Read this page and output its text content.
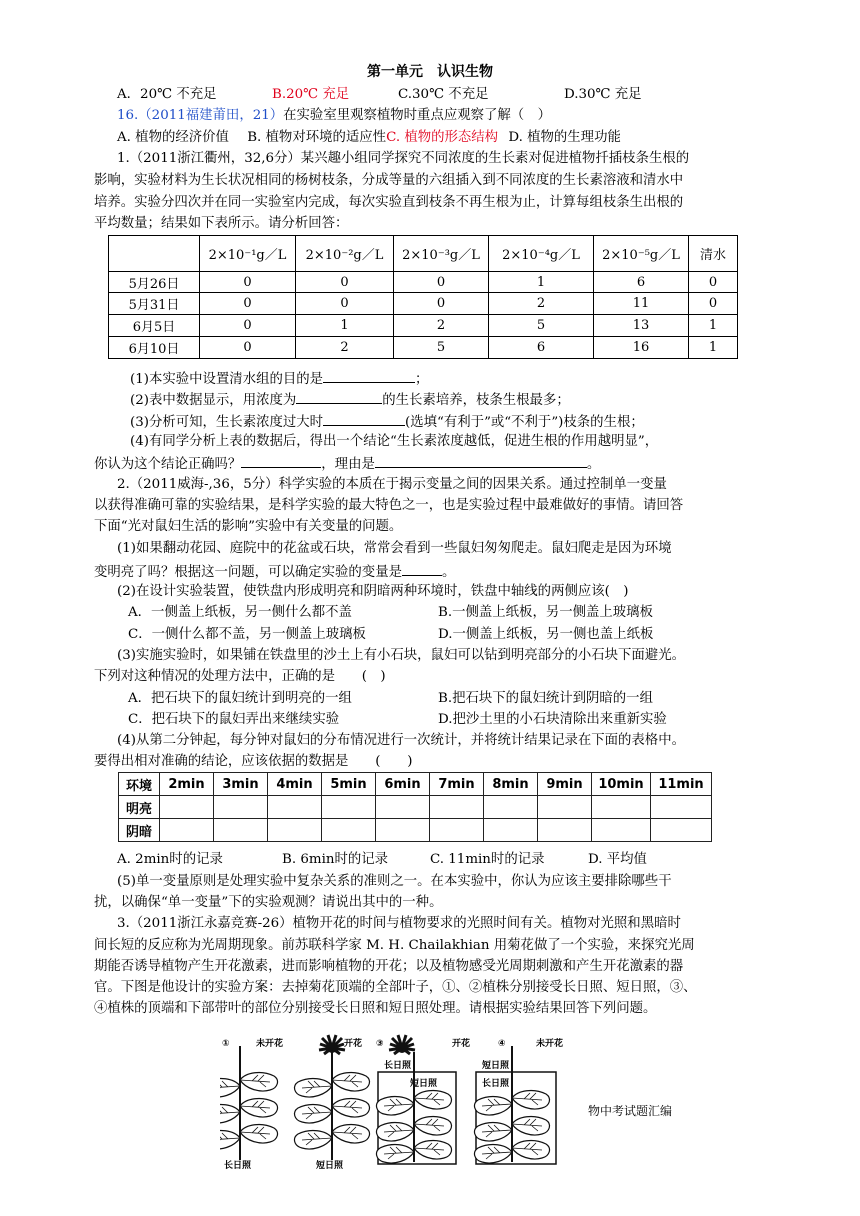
第一单元　认识生物
A．20℃ 不充足	B.20℃ 充足	C.30℃ 不充足	D.30℃ 充足
16.（2011福建莆田，21）在实验室里观察植物时重点应观察了解（　）
A. 植物的经济价值 B. 植物对环境的适应性C. 植物的形态结构 D. 植物的生理功能
1.（2011浙江衢州，32,6分）某兴趣小组同学探究不同浓度的生长素对促进植物扦插枝条生根的
影响，实验材料为生长状况相同的杨树枝条，分成等量的六组插入到不同浓度的生长素溶液和清水中
培养。实验分四次并在同一实验室内完成，每次实验直到枝条不再生根为止，计算每组枝条生出根的
平均数量；结果如下表所示。请分析回答：
	2×10⁻¹g／L	2×10⁻²g／L	2×10⁻³g／L	2×10⁻⁴g／L	2×10⁻⁵g／L	清水
5月26日	0	0	0	1	6	0
5月31日	0	0	0	2	11	0
6月5日	0	1	2	5	13	1
6月10日	0	2	5	6	16	1
(1)本实验中设置清水组的目的是	；
(2)表中数据显示，用浓度为	的生长素培养，枝条生根最多；
(3)分析可知，生长素浓度过大时	(选填“有利于”或“不利于”)枝条的生根；
(4)有同学分析上表的数据后，得出一个结论“生长素浓度越低，促进生根的作用越明显”，
你认为这个结论正确吗？	，理由是	。
2.（2011威海-,36，5分）科学实验的本质在于揭示变量之间的因果关系。通过控制单一变量
以获得准确可靠的实验结果，是科学实验的最大特色之一，也是实验过程中最难做好的事情。请回答
下面“光对鼠妇生活的影响”实验中有关变量的问题。
(1)如果翻动花园、庭院中的花盆或石块，常常会看到一些鼠妇匆匆爬走。鼠妇爬走是因为环境
变明亮了吗？根据这一问题，可以确定实验的变量是	。
(2)在设计实验装置，使铁盘内形成明亮和阴暗两种环境时，铁盘中轴线的两侧应该(　)
A．一侧盖上纸板，另一侧什么都不盖	B.一侧盖上纸板，另一侧盖上玻璃板
C．一侧什么都不盖，另一侧盖上玻璃板	D.一侧盖上纸板，另一侧也盖上纸板
(3)实施实验时，如果铺在铁盘里的沙土上有小石块，鼠妇可以钻到明亮部分的小石块下面避光。
下列对这种情况的处理方法中，正确的是　　(　)
A．把石块下的鼠妇统计到明亮的一组	B.把石块下的鼠妇统计到阴暗的一组
C．把石块下的鼠妇弄出来继续实验	D.把沙土里的小石块清除出来重新实验
(4)从第二分钟起，每分钟对鼠妇的分布情况进行一次统计，并将统计结果记录在下面的表格中。
要得出相对准确的结论，应该依据的数据是　　(　　)
环境	2min	3min	4min	5min	6min	7min	8min	9min	10min	11min
明亮										
阴暗										
A. 2min时的记录	B. 6min时的记录	C. 11min时的记录	D. 平均值
(5)单一变量原则是处理实验中复杂关系的准则之一。在本实验中，你认为应该主要排除哪些干
扰，以确保“单一变量”下的实验观测？请说出其中的一种。
3.（2011浙江永嘉竞赛-26）植物开花的时间与植物要求的光照时间有关。植物对光照和黑暗时
间长短的反应称为光周期现象。前苏联科学家 M. H. Chailakhian 用菊花做了一个实验，来探究光周
期能否诱导植物产生开花激素，进而影响植物的开花；以及植物感受光周期刺激和产生开花激素的器
官。下图是他设计的实验方案：去掉菊花顶端的全部叶子，①、②植株分别接受长日照、短日照，③、
④植株的顶端和下部带叶的部位分别接受长日照和短日照处理。请根据实验结果回答下列问题。
①	未开花
长日照
开花
短日照
③	开花
长日照
短日照
④	未开花
短日照
长日照
物中考试题汇编
